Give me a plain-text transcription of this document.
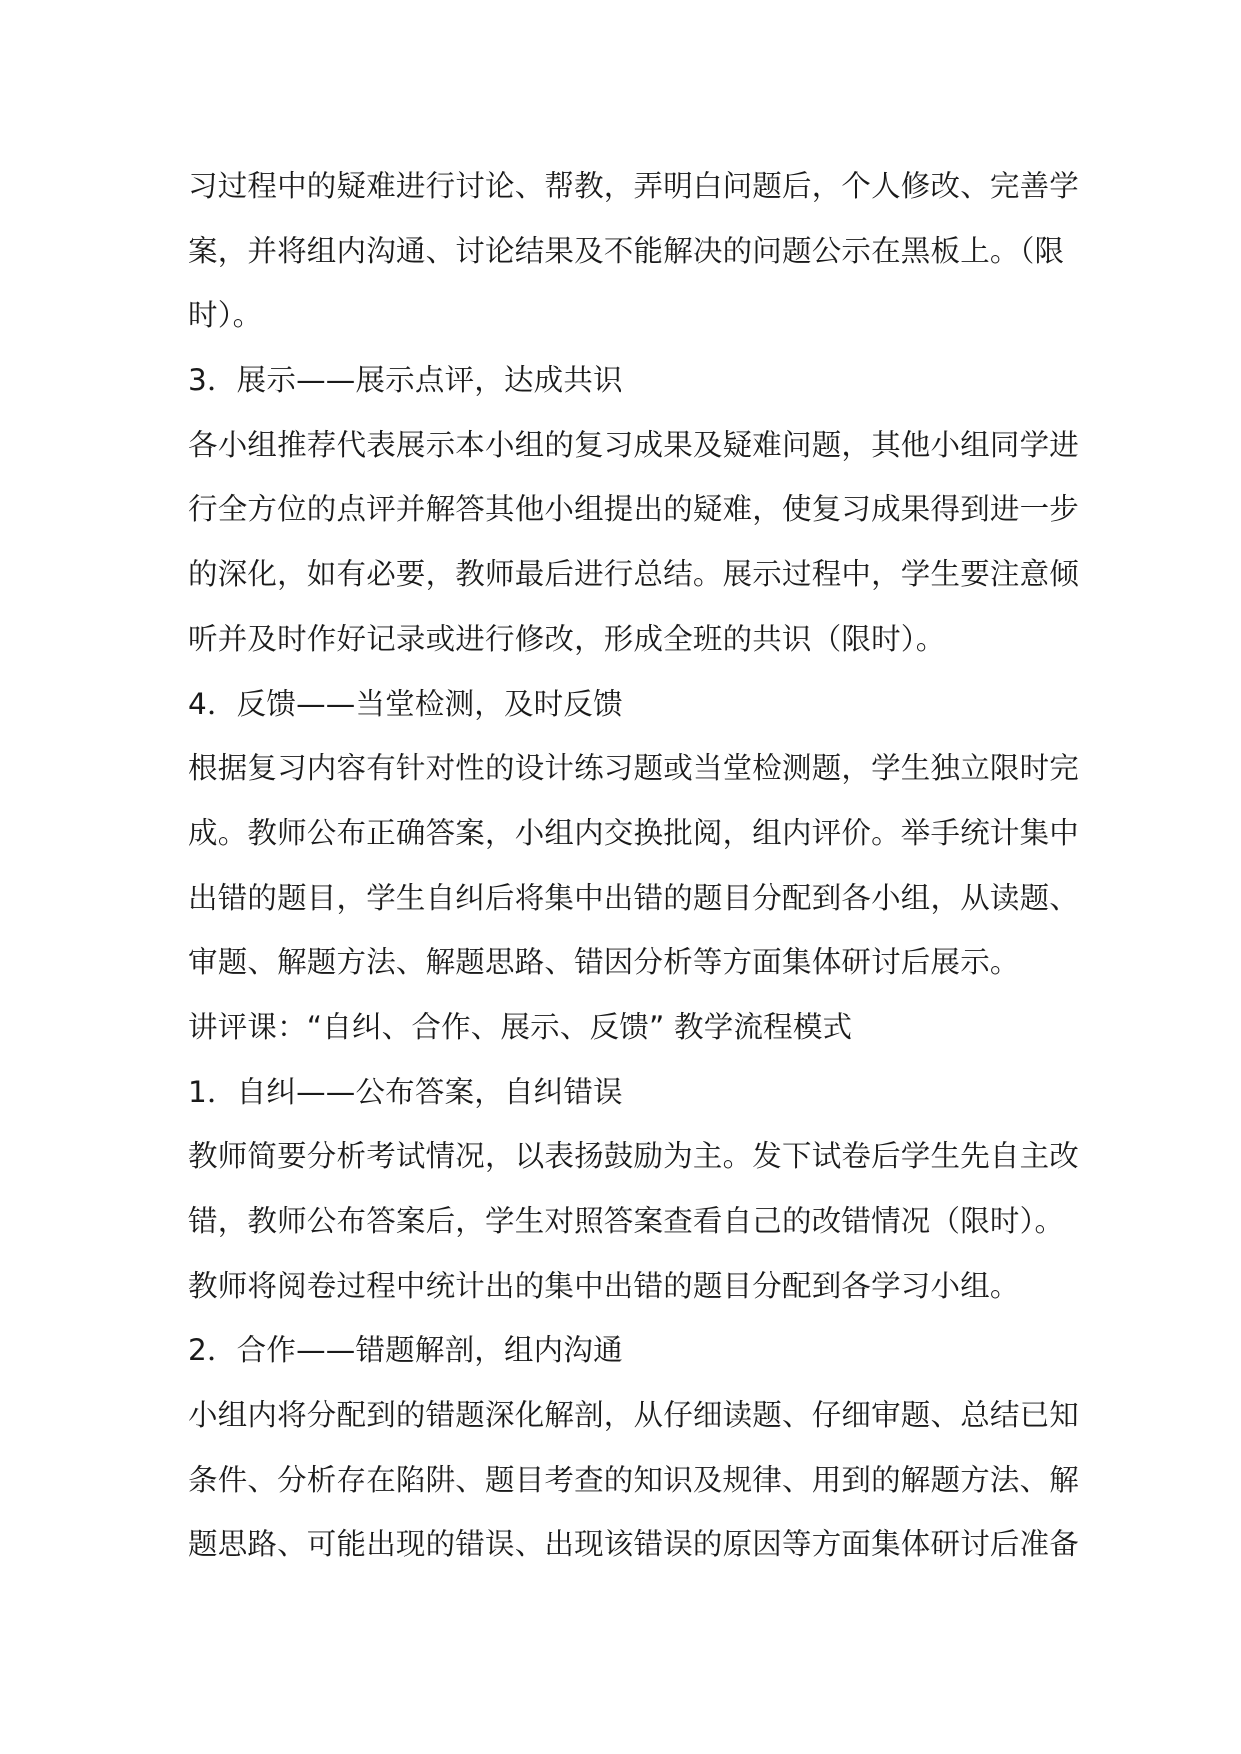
习过程中的疑难进行讨论、帮教，弄明白问题后，个人修改、完善学
案，并将组内沟通、讨论结果及不能解决的问题公示在黑板上。（限
时）。
3．展示——展示点评，达成共识
各小组推荐代表展示本小组的复习成果及疑难问题，其他小组同学进
行全方位的点评并解答其他小组提出的疑难，使复习成果得到进一步
的深化，如有必要，教师最后进行总结。展示过程中，学生要注意倾
听并及时作好记录或进行修改，形成全班的共识（限时）。
4．反馈——当堂检测，及时反馈
根据复习内容有针对性的设计练习题或当堂检测题，学生独立限时完
成。教师公布正确答案，小组内交换批阅，组内评价。举手统计集中
出错的题目，学生自纠后将集中出错的题目分配到各小组，从读题、
审题、解题方法、解题思路、错因分析等方面集体研讨后展示。
讲评课：“自纠、合作、展示、反馈” 教学流程模式
1．自纠——公布答案，自纠错误
教师简要分析考试情况，以表扬鼓励为主。发下试卷后学生先自主改
错，教师公布答案后，学生对照答案查看自己的改错情况（限时）。
教师将阅卷过程中统计出的集中出错的题目分配到各学习小组。
2．合作——错题解剖，组内沟通
小组内将分配到的错题深化解剖，从仔细读题、仔细审题、总结已知
条件、分析存在陷阱、题目考查的知识及规律、用到的解题方法、解
题思路、可能出现的错误、出现该错误的原因等方面集体研讨后准备
